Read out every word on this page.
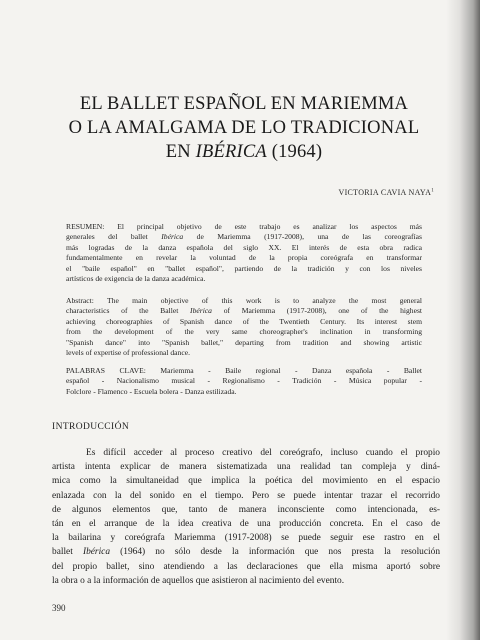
EL BALLET ESPAÑOL EN MARIEMMA
O LA AMALGAMA DE LO TRADICIONAL
EN IBÉRICA (1964)
VICTORIA CAVIA NAYA$^1$
RESUMEN: El principal objetivo de este trabajo es analizar los aspectos más
generales del ballet Ibérica de Mariemma (1917-2008), una de las coreografías
más logradas de la danza española del siglo XX. El interés de esta obra radica
fundamentalmente en revelar la voluntad de la propia coreógrafa en transformar
el "baile español" en "ballet español", partiendo de la tradición y con los niveles
artísticos de exigencia de la danza académica.
Abstract: The main objective of this work is to analyze the most general
characteristics of the Ballet Ibérica of Mariemma (1917-2008), one of the highest
achieving choreographies of Spanish dance of the Twentieth Century. Its interest stem
from the development of the very same choreographer's inclination in transforming
"Spanish dance" into "Spanish ballet," departing from tradition and showing artistic
levels of expertise of professional dance.
PALABRAS CLAVE: Mariemma - Baile regional - Danza española - Ballet
español - Nacionalismo musical - Regionalismo - Tradición - Música popular -
Folclore - Flamenco - Escuela bolera - Danza estilizada.
INTRODUCCIÓN
Es difícil acceder al proceso creativo del coreógrafo, incluso cuando el propio
artista intenta explicar de manera sistematizada una realidad tan compleja y diná-
mica como la simultaneidad que implica la poética del movimiento en el espacio
enlazada con la del sonido en el tiempo. Pero se puede intentar trazar el recorrido
de algunos elementos que, tanto de manera inconsciente como intencionada, es-
tán en el arranque de la idea creativa de una producción concreta. En el caso de
la bailarina y coreógrafa Mariemma (1917-2008) se puede seguir ese rastro en el
ballet Ibérica (1964) no sólo desde la información que nos presta la resolución
del propio ballet, sino atendiendo a las declaraciones que ella misma aportó sobre
la obra o a la información de aquellos que asistieron al nacimiento del evento.
390
